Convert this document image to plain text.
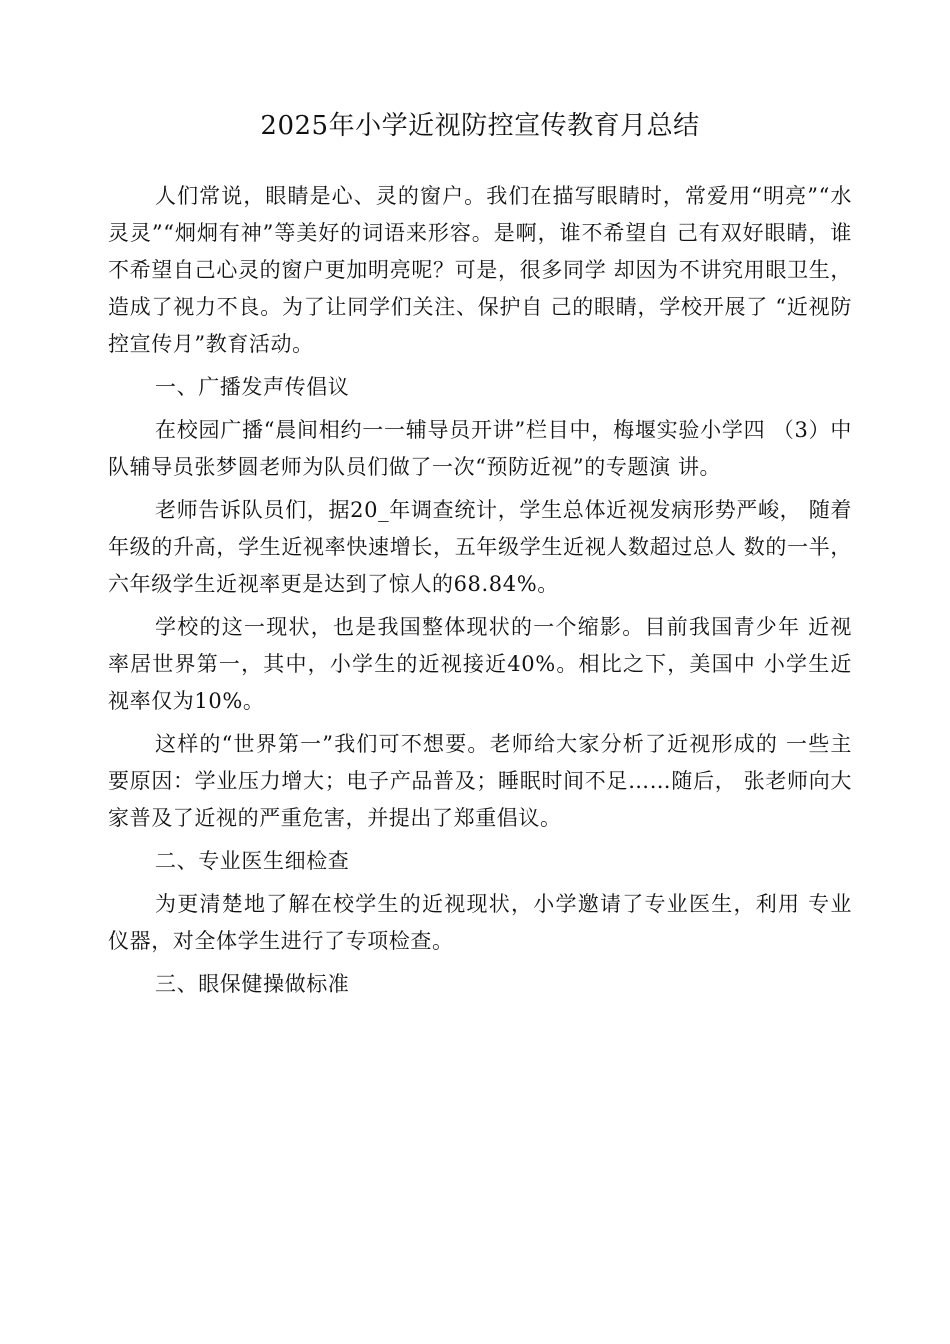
2025年小学近视防控宣传教育月总结

人们常说，眼睛是心、灵的窗户。我们在描写眼睛时，常爱用“明亮”“水灵灵”“炯炯有神”等美好的词语来形容。是啊，谁不希望自 己有双好眼睛，谁不希望自己心灵的窗户更加明亮呢？可是，很多同学 却因为不讲究用眼卫生，造成了视力不良。为了让同学们关注、保护自 己的眼睛，学校开展了 “近视防控宣传月”教育活动。

一、广播发声传倡议

在校园广播“晨间相约一一辅导员开讲”栏目中，梅堰实验小学四 （3）中队辅导员张梦圆老师为队员们做了一次“预防近视”的专题演 讲。

老师告诉队员们，据20_年调查统计，学生总体近视发病形势严峻， 随着年级的升高，学生近视率快速增长，五年级学生近视人数超过总人 数的一半，六年级学生近视率更是达到了惊人的68.84%。

学校的这一现状，也是我国整体现状的一个缩影。目前我国青少年 近视率居世界第一，其中，小学生的近视接近40%。相比之下，美国中 小学生近视率仅为10%。

这样的“世界第一”我们可不想要。老师给大家分析了近视形成的 一些主要原因：学业压力增大；电子产品普及；睡眠时间不足……随后， 张老师向大家普及了近视的严重危害，并提出了郑重倡议。

二、专业医生细检查

为更清楚地了解在校学生的近视现状，小学邀请了专业医生，利用 专业仪器，对全体学生进行了专项检查。

三、眼保健操做标准
